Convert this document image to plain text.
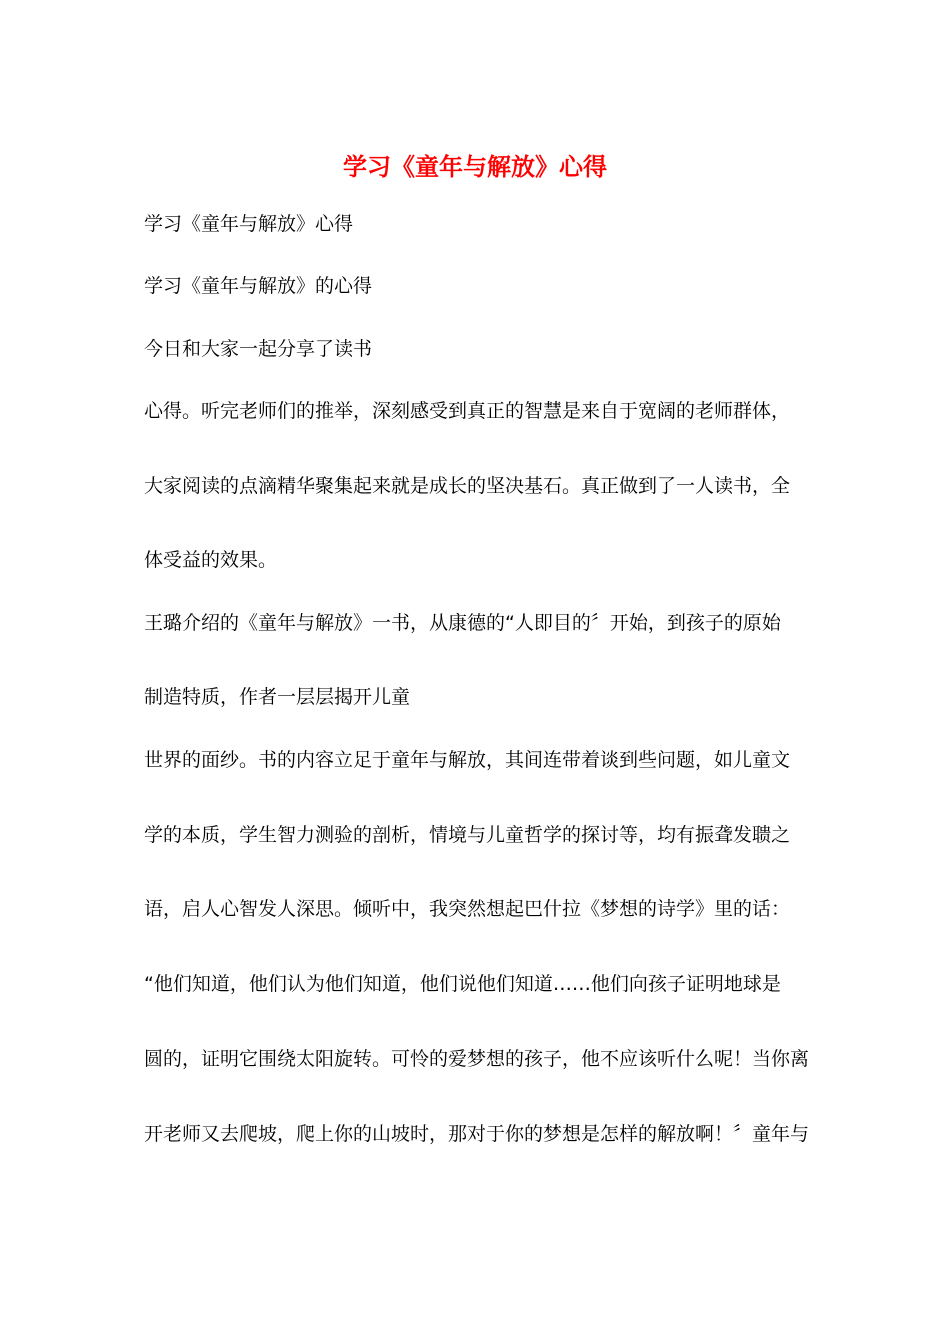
学习《童年与解放》心得

学习《童年与解放》心得

学习《童年与解放》的心得

今日和大家一起分享了读书

心得。听完老师们的推举，深刻感受到真正的智慧是来自于宽阔的老师群体，

大家阅读的点滴精华聚集起来就是成长的坚决基石。真正做到了一人读书，全

体受益的效果。

王璐介绍的《童年与解放》一书，从康德的“人即目的〞开始，到孩子的原始

制造特质，作者一层层揭开儿童

世界的面纱。书的内容立足于童年与解放，其间连带着谈到些问题，如儿童文

学的本质，学生智力测验的剖析，情境与儿童哲学的探讨等，均有振聋发聩之

语，启人心智发人深思。倾听中，我突然想起巴什拉《梦想的诗学》里的话：

“他们知道，他们认为他们知道，他们说他们知道……他们向孩子证明地球是

圆的，证明它围绕太阳旋转。可怜的爱梦想的孩子，他不应该听什么呢！当你离

开老师又去爬坡，爬上你的山坡时，那对于你的梦想是怎样的解放啊！〞童年与
